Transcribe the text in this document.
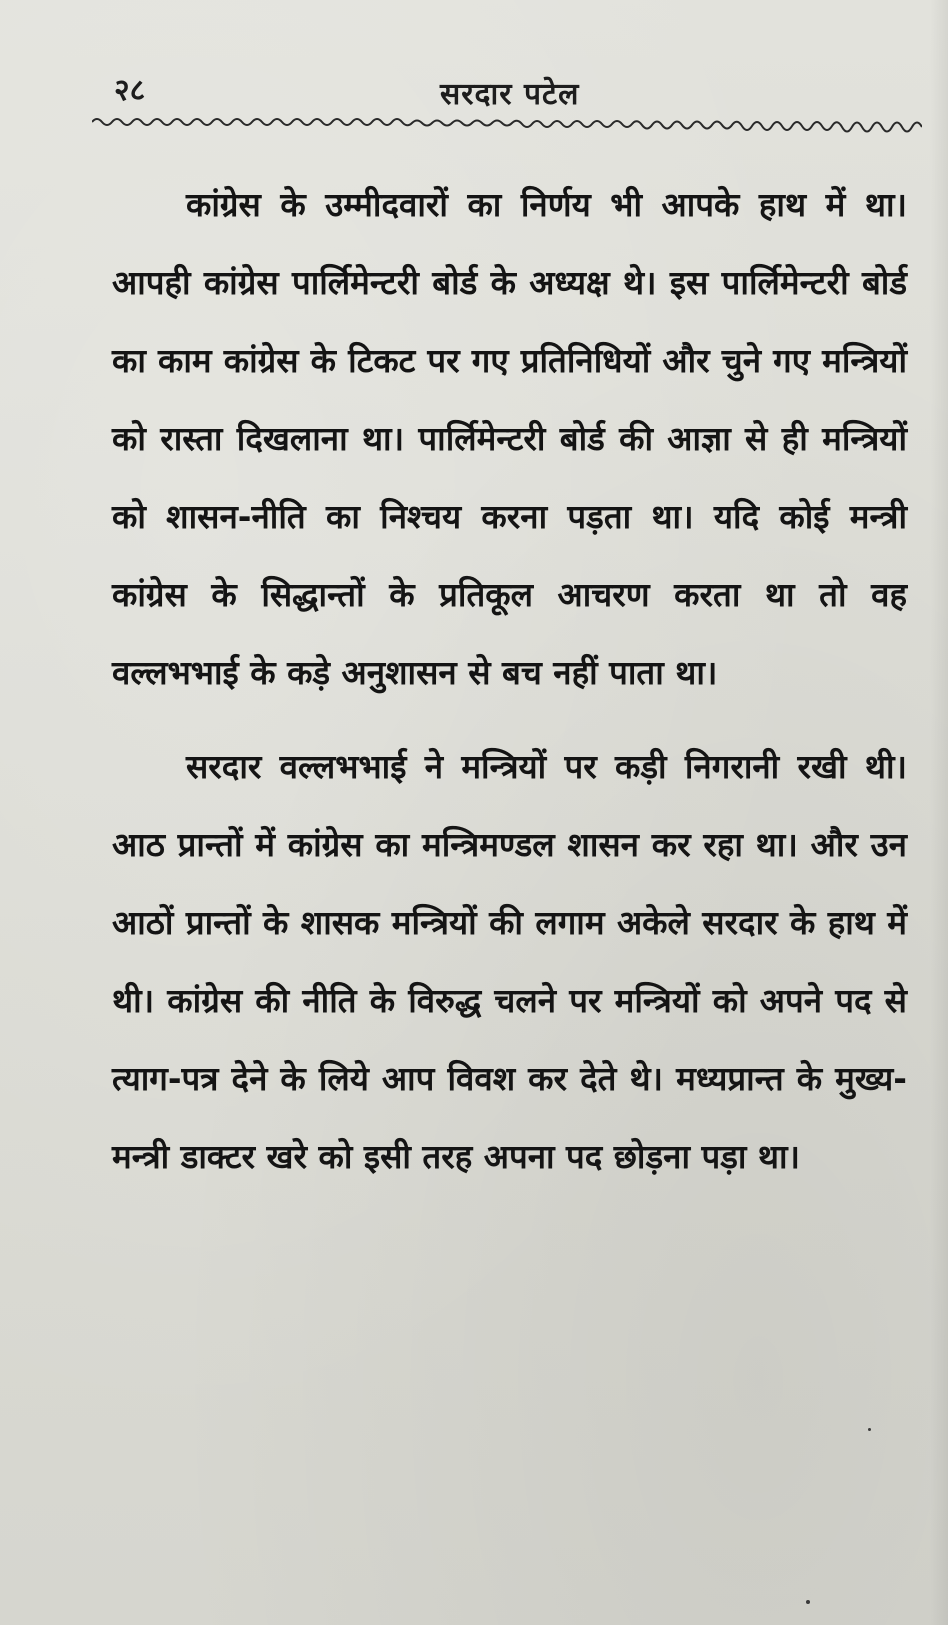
२८	सरदार पटेल

कांग्रेस के उम्मीदवारों का निर्णय भी आपके हाथ में था। आपही कांग्रेस पार्लिमेन्टरी बोर्ड के अध्यक्ष थे। इस पार्लिमेन्टरी बोर्ड का काम कांग्रेस के टिकट पर गए प्रतिनिधियों और चुने गए मन्त्रियों को रास्ता दिखलाना था। पार्लिमेन्टरी बोर्ड की आज्ञा से ही मन्त्रियों को शासन-नीति का निश्चय करना पड़ता था। यदि कोई मन्त्री कांग्रेस के सिद्धान्तों के प्रतिकूल आचरण करता था तो वह वल्लभभाई के कड़े अनुशासन से बच नहीं पाता था।

सरदार वल्लभभाई ने मन्त्रियों पर कड़ी निगरानी रखी थी। आठ प्रान्तों में कांग्रेस का मन्त्रिमण्डल शासन कर रहा था। और उन आठों प्रान्तों के शासक मन्त्रियों की लगाम अकेले सरदार के हाथ में थी। कांग्रेस की नीति के विरुद्ध चलने पर मन्त्रियों को अपने पद से त्याग-पत्र देने के लिये आप विवश कर देते थे। मध्यप्रान्त के मुख्य-मन्त्री डाक्टर खरे को इसी तरह अपना पद छोड़ना पड़ा था।
